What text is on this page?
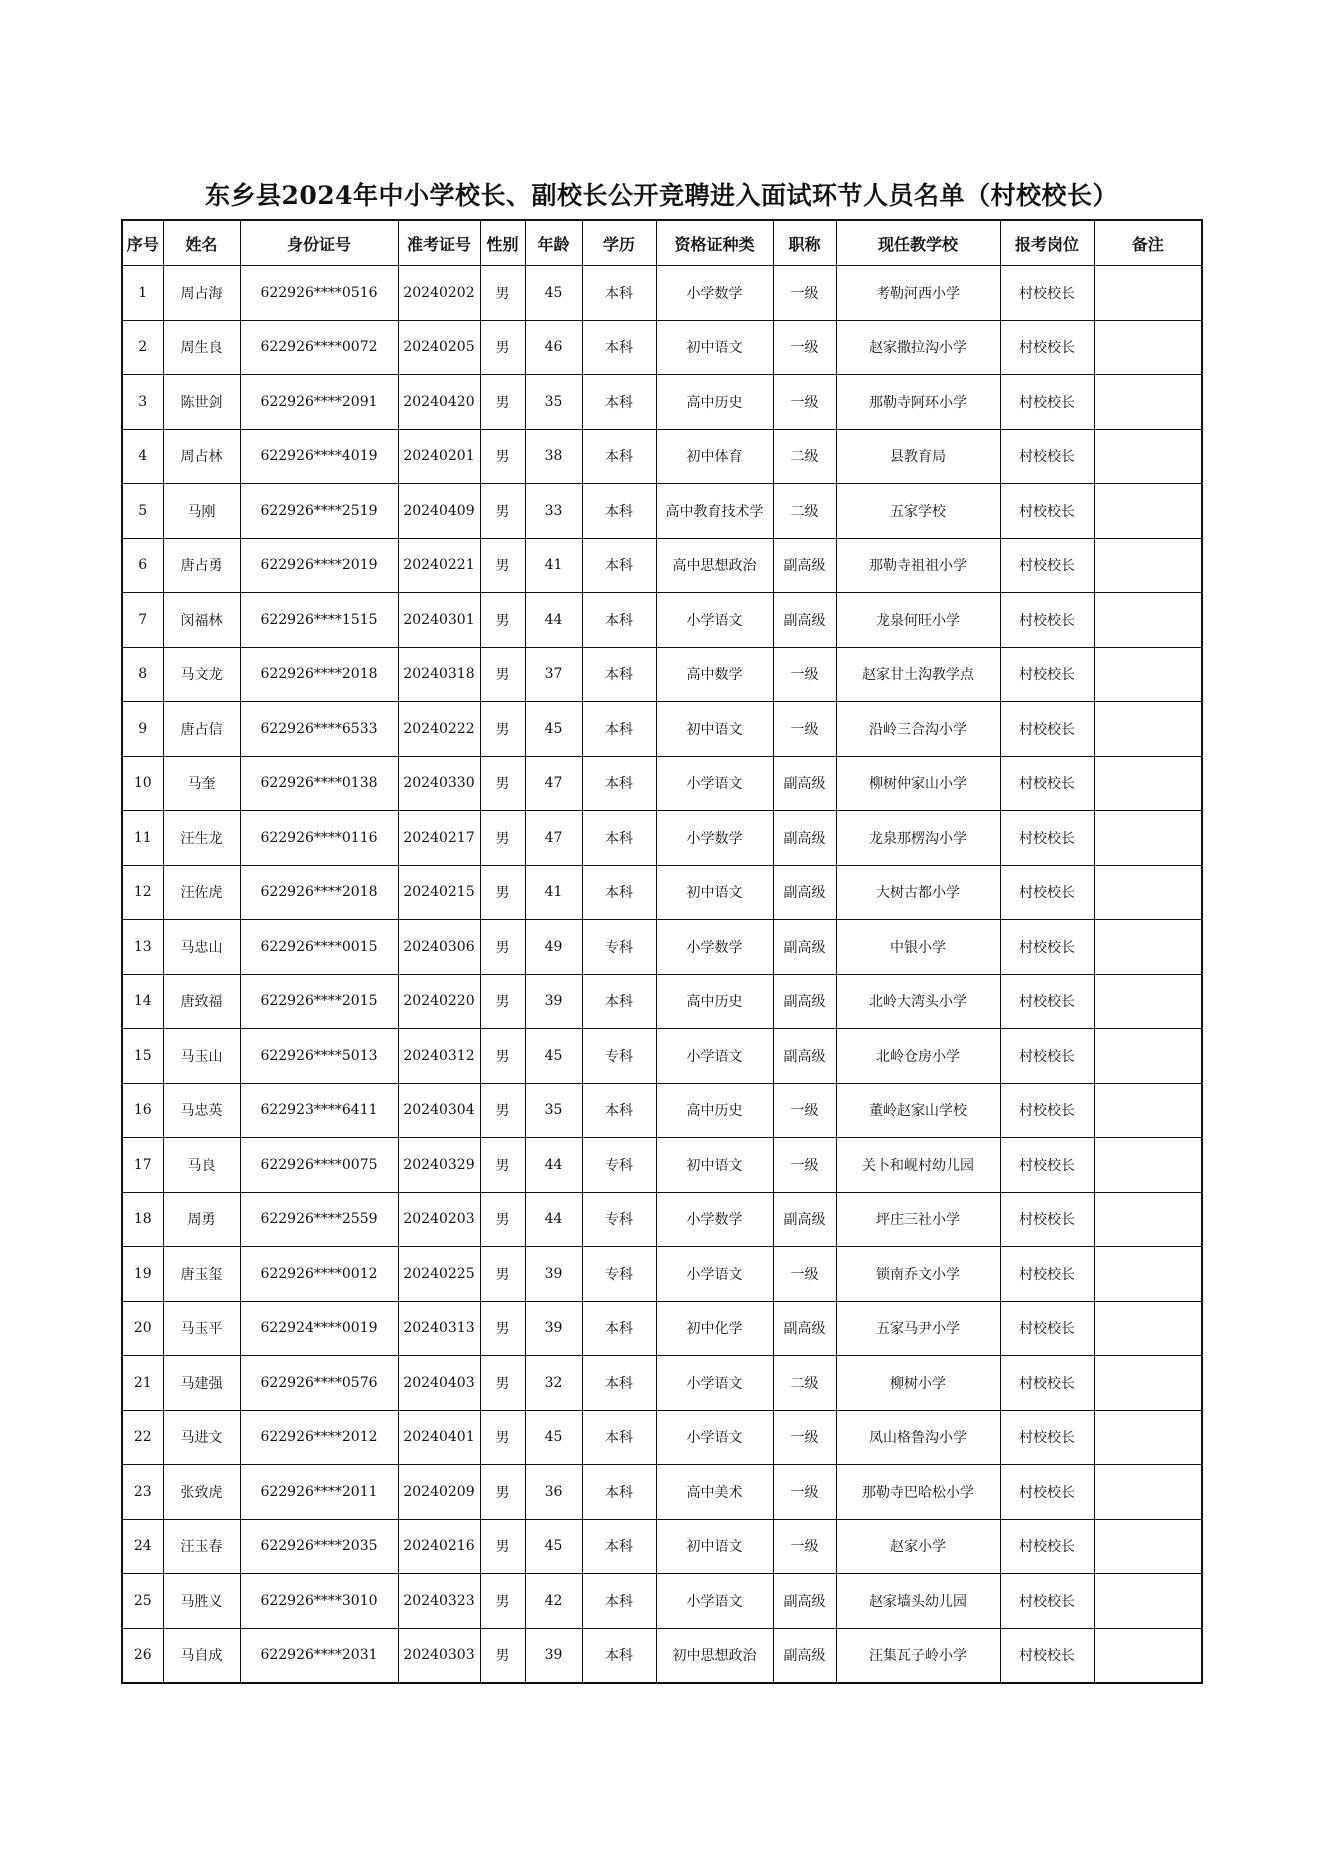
东乡县2024年中小学校长、副校长公开竞聘进入面试环节人员名单（村校校长）
序号	姓名	身份证号	准考证号	性别	年龄	学历	资格证种类	职称	现任教学校	报考岗位	备注
1	周占海	622926****0516	20240202	男	45	本科	小学数学	一级	考勒河西小学	村校校长	
2	周生良	622926****0072	20240205	男	46	本科	初中语文	一级	赵家撒拉沟小学	村校校长	
3	陈世剑	622926****2091	20240420	男	35	本科	高中历史	一级	那勒寺阿环小学	村校校长	
4	周占林	622926****4019	20240201	男	38	本科	初中体育	二级	县教育局	村校校长	
5	马刚	622926****2519	20240409	男	33	本科	高中教育技术学	二级	五家学校	村校校长	
6	唐占勇	622926****2019	20240221	男	41	本科	高中思想政治	副高级	那勒寺祖祖小学	村校校长	
7	闵福林	622926****1515	20240301	男	44	本科	小学语文	副高级	龙泉何旺小学	村校校长	
8	马文龙	622926****2018	20240318	男	37	本科	高中数学	一级	赵家甘土沟教学点	村校校长	
9	唐占信	622926****6533	20240222	男	45	本科	初中语文	一级	沿岭三合沟小学	村校校长	
10	马奎	622926****0138	20240330	男	47	本科	小学语文	副高级	柳树仲家山小学	村校校长	
11	汪生龙	622926****0116	20240217	男	47	本科	小学数学	副高级	龙泉那楞沟小学	村校校长	
12	汪佐虎	622926****2018	20240215	男	41	本科	初中语文	副高级	大树古都小学	村校校长	
13	马忠山	622926****0015	20240306	男	49	专科	小学数学	副高级	中银小学	村校校长	
14	唐致福	622926****2015	20240220	男	39	本科	高中历史	副高级	北岭大湾头小学	村校校长	
15	马玉山	622926****5013	20240312	男	45	专科	小学语文	副高级	北岭仓房小学	村校校长	
16	马忠英	622923****6411	20240304	男	35	本科	高中历史	一级	董岭赵家山学校	村校校长	
17	马良	622926****0075	20240329	男	44	专科	初中语文	一级	关卜和岘村幼儿园	村校校长	
18	周勇	622926****2559	20240203	男	44	专科	小学数学	副高级	坪庄三社小学	村校校长	
19	唐玉玺	622926****0012	20240225	男	39	专科	小学语文	一级	锁南乔文小学	村校校长	
20	马玉平	622924****0019	20240313	男	39	本科	初中化学	副高级	五家马尹小学	村校校长	
21	马建强	622926****0576	20240403	男	32	本科	小学语文	二级	柳树小学	村校校长	
22	马进文	622926****2012	20240401	男	45	本科	小学语文	一级	凤山格鲁沟小学	村校校长	
23	张致虎	622926****2011	20240209	男	36	本科	高中美术	一级	那勒寺巴哈松小学	村校校长	
24	汪玉春	622926****2035	20240216	男	45	本科	初中语文	一级	赵家小学	村校校长	
25	马胜义	622926****3010	20240323	男	42	本科	小学语文	副高级	赵家墙头幼儿园	村校校长	
26	马自成	622926****2031	20240303	男	39	本科	初中思想政治	副高级	汪集瓦子岭小学	村校校长	
